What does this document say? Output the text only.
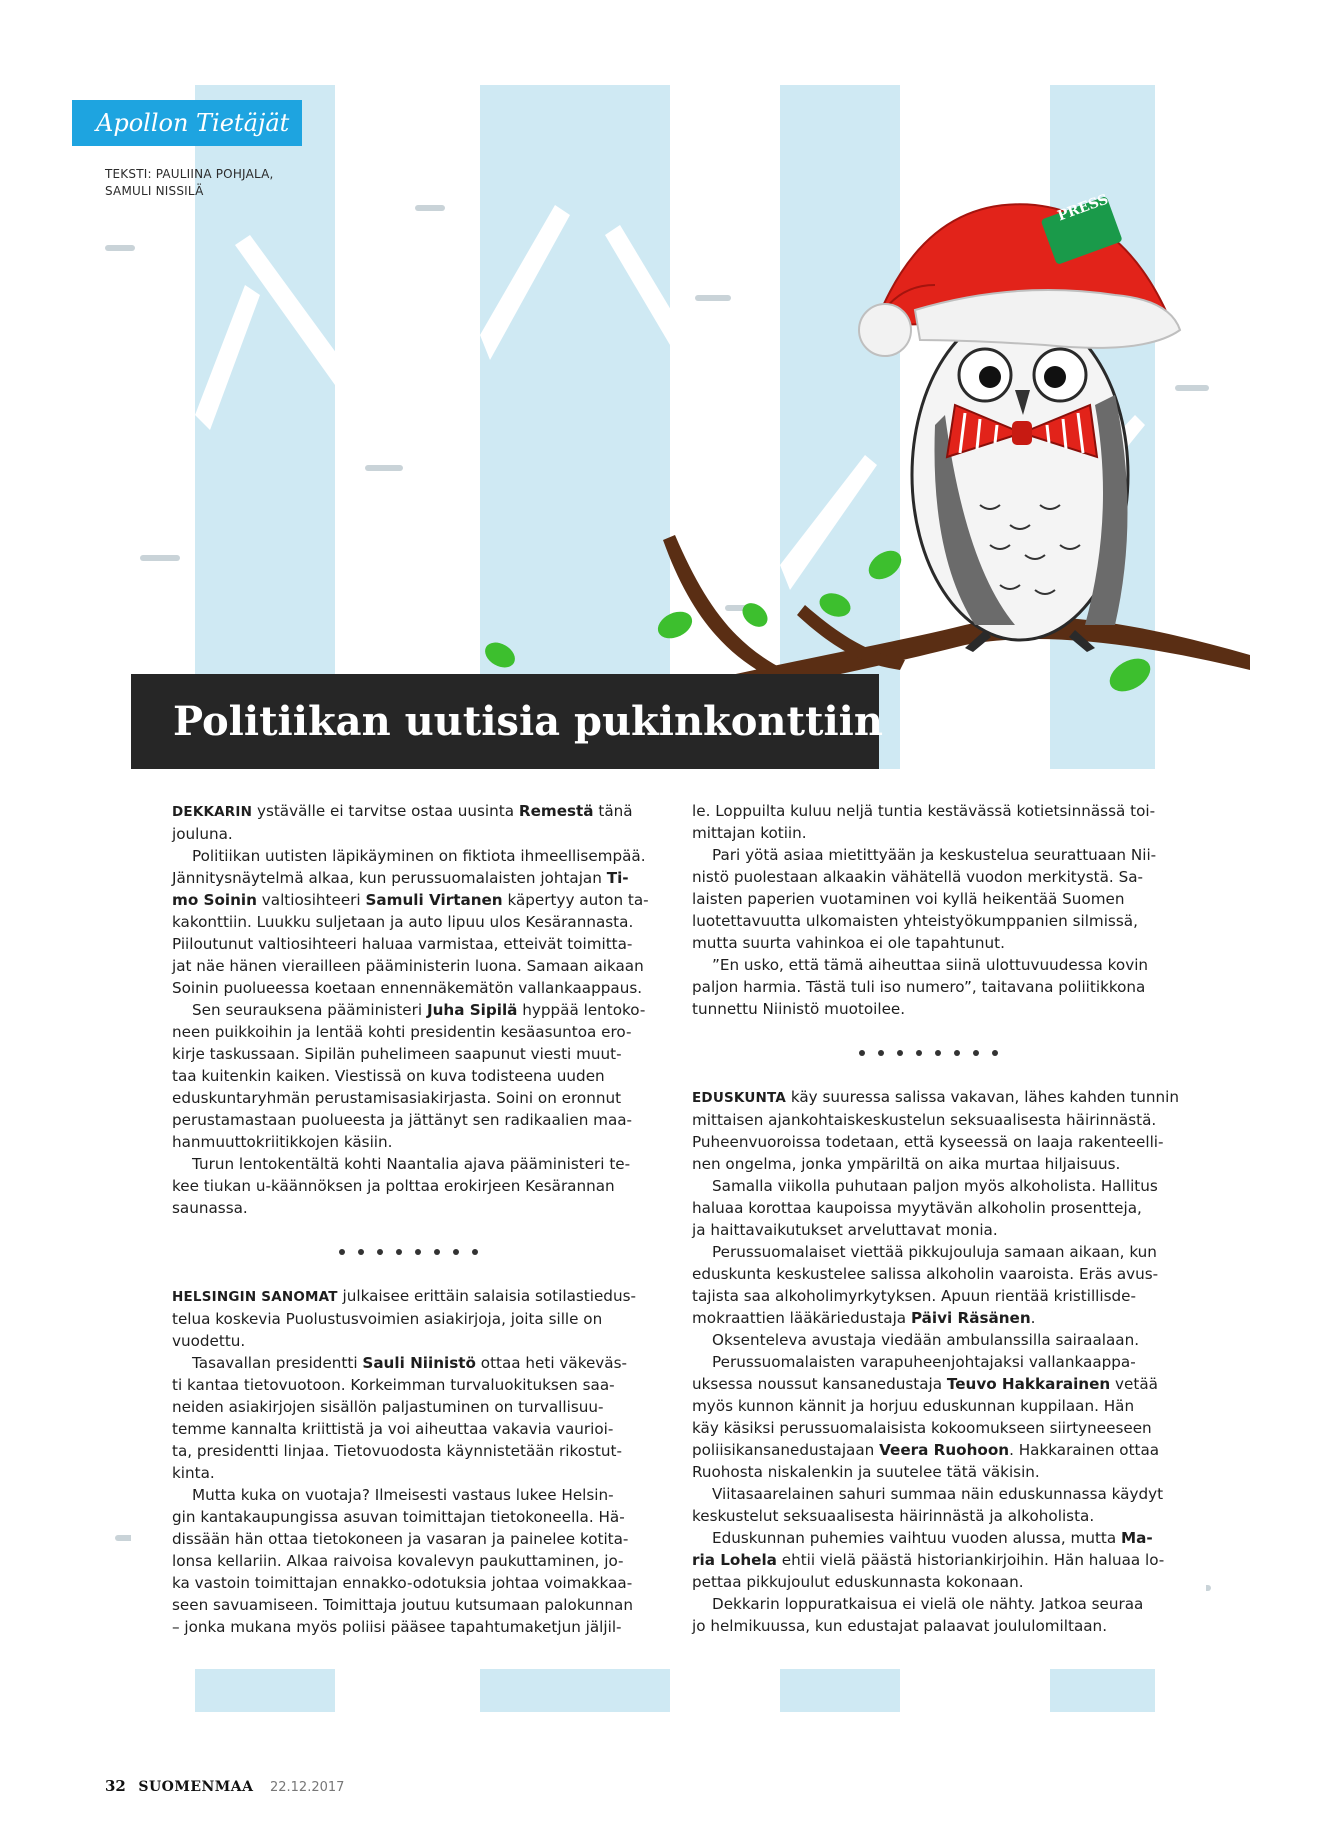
PRESS
Apollon Tietäjät
TEKSTI: PAULIINA POHJALA,
SAMULI NISSILÄ
Politiikan uutisia pukinkonttiin

DEKKARIN ystävälle ei tarvitse ostaa uusinta Remestä tänä

jouluna.

Politiikan uutisten läpikäyminen on fiktiota ihmeellisempää.

Jännitysnäytelmä alkaa, kun perussuomalaisten johtajan Ti-

mo Soinin valtiosihteeri Samuli Virtanen käpertyy auton ta-

kakonttiin. Luukku suljetaan ja auto lipuu ulos Kesärannasta.

Piiloutunut valtiosihteeri haluaa varmistaa, etteivät toimitta-

jat näe hänen vierailleen pääministerin luona. Samaan aikaan

Soinin puolueessa koetaan ennennäkemätön vallankaappaus.

Sen seurauksena pääministeri Juha Sipilä hyppää lentoko-

neen puikkoihin ja lentää kohti presidentin kesäasuntoa ero-

kirje taskussaan. Sipilän puhelimeen saapunut viesti muut-

taa kuitenkin kaiken. Viestissä on kuva todisteena uuden

eduskuntaryhmän perustamisasiakirjasta. Soini on eronnut

perustamastaan puolueesta ja jättänyt sen radikaalien maa-

hanmuuttokriitikkojen käsiin.

Turun lentokentältä kohti Naantalia ajava pääministeri te-

kee tiukan u-käännöksen ja polttaa erokirjeen Kesärannan

saunassa.

HELSINGIN SANOMAT julkaisee erittäin salaisia sotilastiedus-

telua koskevia Puolustusvoimien asiakirjoja, joita sille on

vuodettu.

Tasavallan presidentti Sauli Niinistö ottaa heti väkeväs-

ti kantaa tietovuotoon. Korkeimman turvaluokituksen saa-

neiden asiakirjojen sisällön paljastuminen on turvallisuu-

temme kannalta kriittistä ja voi aiheuttaa vakavia vaurioi-

ta, presidentti linjaa. Tietovuodosta käynnistetään rikostut-

kinta.

Mutta kuka on vuotaja? Ilmeisesti vastaus lukee Helsin-

gin kantakaupungissa asuvan toimittajan tietokoneella. Hä-

dissään hän ottaa tietokoneen ja vasaran ja painelee kotita-

lonsa kellariin. Alkaa raivoisa kovalevyn paukuttaminen, jo-

ka vastoin toimittajan ennakko-odotuksia johtaa voimakkaa-

seen savuamiseen. Toimittaja joutuu kutsumaan palokunnan

– jonka mukana myös poliisi pääsee tapahtumaketjun jäljil-

le. Loppuilta kuluu neljä tuntia kestävässä kotietsinnässä toi-

mittajan kotiin.

Pari yötä asiaa mietittyään ja keskustelua seurattuaan Nii-

nistö puolestaan alkaakin vähätellä vuodon merkitystä. Sa-

laisten paperien vuotaminen voi kyllä heikentää Suomen

luotettavuutta ulkomaisten yhteistyökumppanien silmissä,

mutta suurta vahinkoa ei ole tapahtunut.

”En usko, että tämä aiheuttaa siinä ulottuvuudessa kovin

paljon harmia. Tästä tuli iso numero”, taitavana poliitikkona

tunnettu Niinistö muotoilee.

EDUSKUNTA käy suuressa salissa vakavan, lähes kahden tunnin

mittaisen ajankohtaiskeskustelun seksuaalisesta häirinnästä.

Puheenvuoroissa todetaan, että kyseessä on laaja rakenteelli-

nen ongelma, jonka ympäriltä on aika murtaa hiljaisuus.

Samalla viikolla puhutaan paljon myös alkoholista. Hallitus

haluaa korottaa kaupoissa myytävän alkoholin prosentteja,

ja haittavaikutukset arveluttavat monia.

Perussuomalaiset viettää pikkujouluja samaan aikaan, kun

eduskunta keskustelee salissa alkoholin vaaroista. Eräs avus-

tajista saa alkoholimyrkytyksen. Apuun rientää kristillisde-

mokraattien lääkäriedustaja Päivi Räsänen.

Oksenteleva avustaja viedään ambulanssilla sairaalaan.

Perussuomalaisten varapuheenjohtajaksi vallankaappa-

uksessa noussut kansanedustaja Teuvo Hakkarainen vetää

myös kunnon kännit ja horjuu eduskunnan kuppilaan. Hän

käy käsiksi perussuomalaisista kokoomukseen siirtyneeseen

poliisikansanedustajaan Veera Ruohoon. Hakkarainen ottaa

Ruohosta niskalenkin ja suutelee tätä väkisin.

Viitasaarelainen sahuri summaa näin eduskunnassa käydyt

keskustelut seksuaalisesta häirinnästä ja alkoholista.

Eduskunnan puhemies vaihtuu vuoden alussa, mutta Ma-

ria Lohela ehtii vielä päästä historiankirjoihin. Hän haluaa lo-

pettaa pikkujoulut eduskunnasta kokonaan.

Dekkarin loppuratkaisua ei vielä ole nähty. Jatkoa seuraa

jo helmikuussa, kun edustajat palaavat joululomiltaan.

32 SUOMENMAA 22.12.2017
